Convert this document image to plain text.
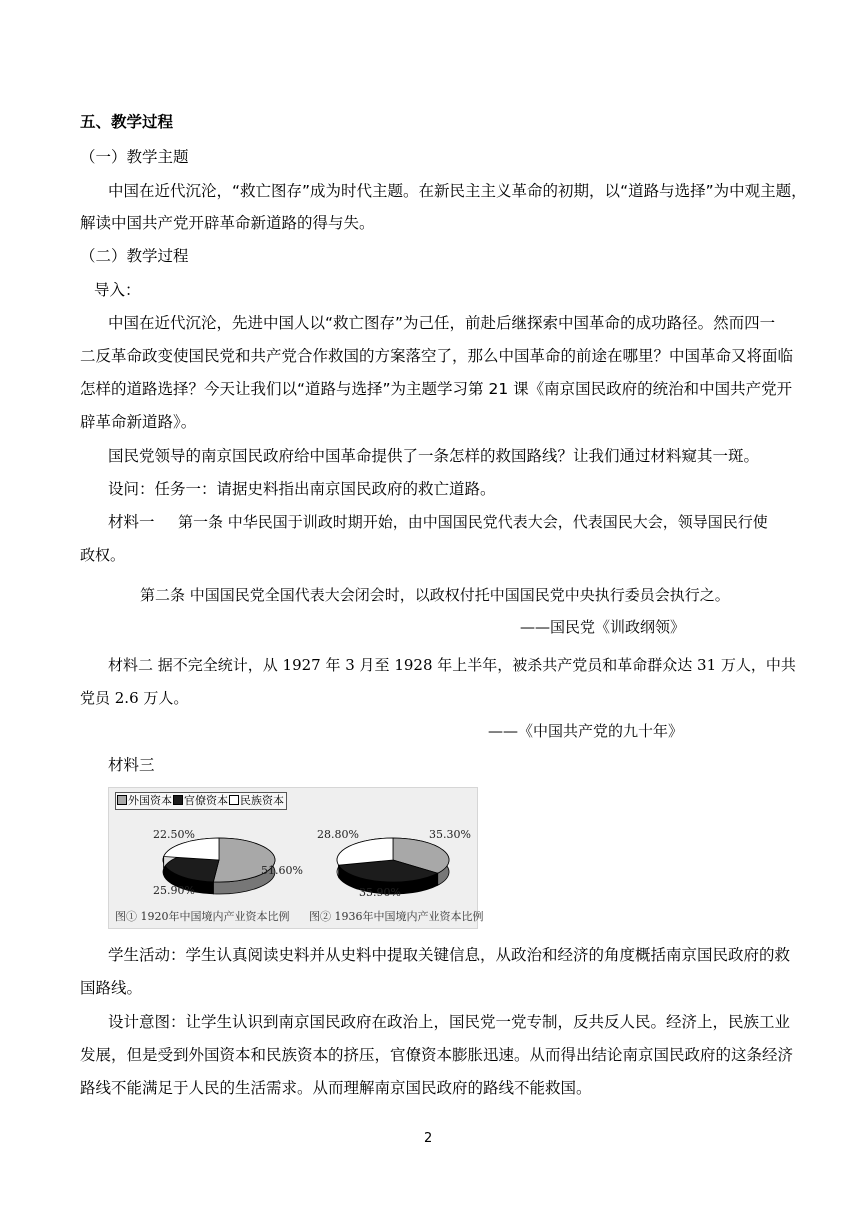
五、教学过程
（一）教学主题
中国在近代沉沦，“救亡图存”成为时代主题。在新民主主义革命的初期，以“道路与选择”为中观主题，
解读中国共产党开辟革命新道路的得与失。
（二）教学过程
导入：
中国在近代沉沦，先进中国人以“救亡图存”为己任，前赴后继探索中国革命的成功路径。然而四一
二反革命政变使国民党和共产党合作救国的方案落空了，那么中国革命的前途在哪里？中国革命又将面临
怎样的道路选择？今天让我们以“道路与选择”为主题学习第 21 课《南京国民政府的统治和中国共产党开
辟革命新道路》。
国民党领导的南京国民政府给中国革命提供了一条怎样的救国路线？让我们通过材料窥其一斑。
设问：任务一：请据史料指出南京国民政府的救亡道路。
材料一 第一条 中华民国于训政时期开始，由中国国民党代表大会，代表国民大会，领导国民行使
政权。
第二条 中国国民党全国代表大会闭会时，以政权付托中国国民党中央执行委员会执行之。
——国民党《训政纲领》
材料二 据不完全统计，从 1927 年 3 月至 1928 年上半年，被杀共产党员和革命群众达 31 万人，中共
党员 2.6 万人。
——《中国共产党的九十年》
材料三
外国资本 官僚资本 民族资本
22.50%
51.60%
25.90%
28.80%	35.30%
35.90%
图① 1920年中国境内产业资本比例 图② 1936年中国境内产业资本比例
学生活动：学生认真阅读史料并从史料中提取关键信息，从政治和经济的角度概括南京国民政府的救
国路线。
设计意图：让学生认识到南京国民政府在政治上，国民党一党专制，反共反人民。经济上，民族工业
发展，但是受到外国资本和民族资本的挤压，官僚资本膨胀迅速。从而得出结论南京国民政府的这条经济
路线不能满足于人民的生活需求。从而理解南京国民政府的路线不能救国。
2
